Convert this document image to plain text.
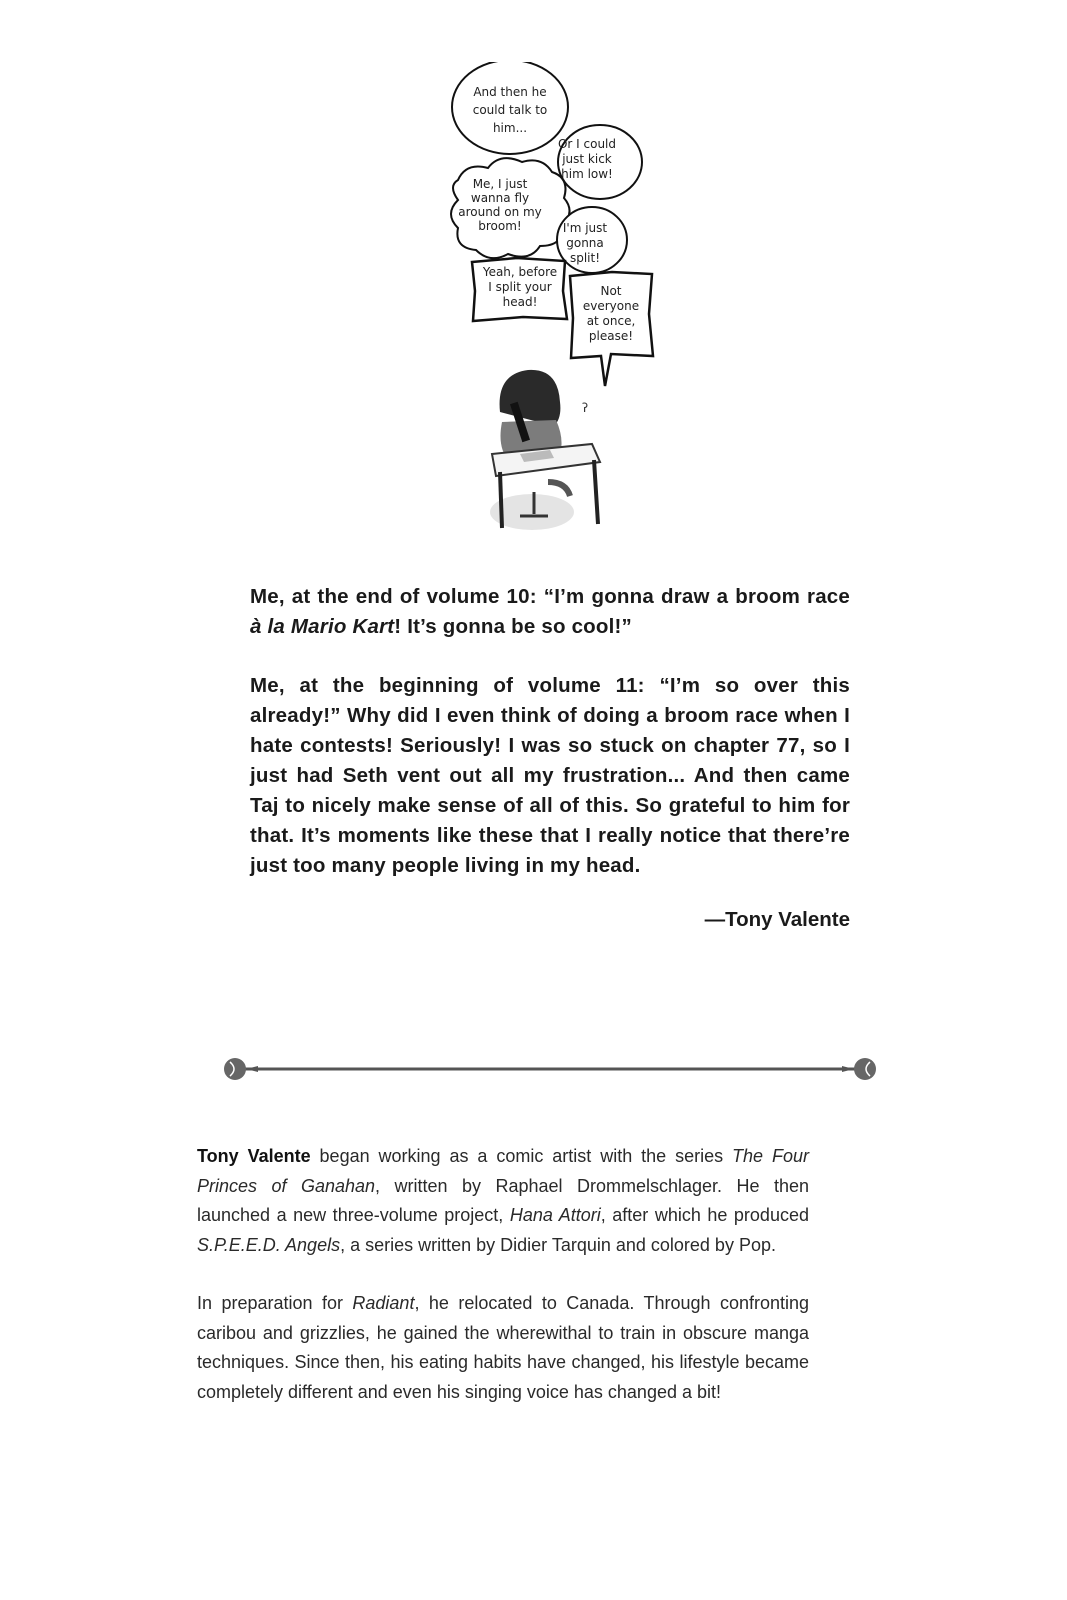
And then he
could talk to
him...
Or I could
just kick
him low!
Me, I just
wanna fly
around on my
broom!	I'm just
gonna
split!
Yeah, before
I split your
head!
Not
everyone
at once,
please!
ʔ

Me, at the end of volume 10: “I’m gonna draw a broom race à la Mario Kart! It’s gonna be so cool!”

Me, at the beginning of volume 11: “I’m so over this already!” Why did I even think of doing a broom race when I hate contests! Seriously! I was so stuck on chapter 77, so I just had Seth vent out all my frustration... And then came Taj to nicely make sense of all of this. So grateful to him for that. It’s moments like these that I really notice that there’re just too many people living in my head.

—Tony Valente

Tony Valente began working as a comic artist with the series The Four Princes of Ganahan, written by Raphael Drommelschlager. He then launched a new three-volume project, Hana Attori, after which he produced S.P.E.E.D. Angels, a series written by Didier Tarquin and colored by Pop.

In preparation for Radiant, he relocated to Canada. Through confronting caribou and grizzlies, he gained the wherewithal to train in obscure manga techniques. Since then, his eating habits have changed, his lifestyle became completely different and even his singing voice has changed a bit!
